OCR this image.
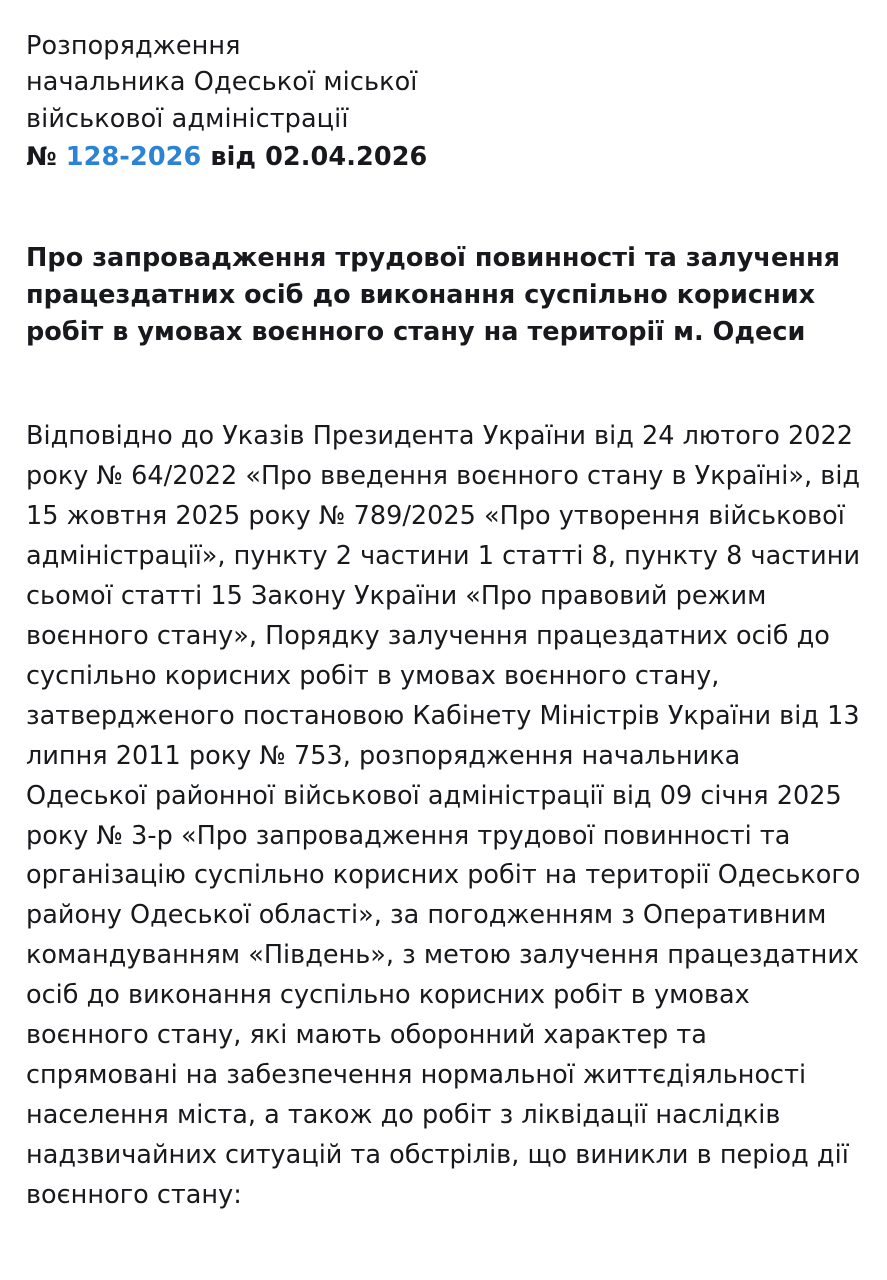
Розпорядження
начальника Одеської міської
військової адміністрації
№ 128-2026 від 02.04.2026
Про запровадження трудової повинності та залучення працездатних осіб до виконання суспільно корисних робіт в умовах воєнного стану на території м. Одеси

Відповідно до Указів Президента України від 24 лютого 2022 року № 64/2022 «Про введення воєнного стану в Україні», від 15 жовтня 2025 року № 789/2025 «Про утворення військової адміністрації», пункту 2 частини 1 статті 8, пункту 8 частини сьомої статті 15 Закону України «Про правовий режим воєнного стану», Порядку залучення працездатних осіб до суспільно корисних робіт в умовах воєнного стану, затвердженого постановою Кабінету Міністрів України від 13 липня 2011 року № 753, розпорядження начальника Одеської районної військової адміністрації від 09 січня 2025 року № 3-р «Про запровадження трудової повинності та організацію суспільно корисних робіт на території Одеського району Одеської області», за погодженням з Оперативним командуванням «Південь», з метою залучення працездатних осіб до виконання суспільно корисних робіт в умовах воєнного стану, які мають оборонний характер та спрямовані на забезпечення нормальної життєдіяльності населення міста, а також до робіт з ліквідації наслідків надзвичайних ситуацій та обстрілів, що виникли в період дії воєнного стану:
